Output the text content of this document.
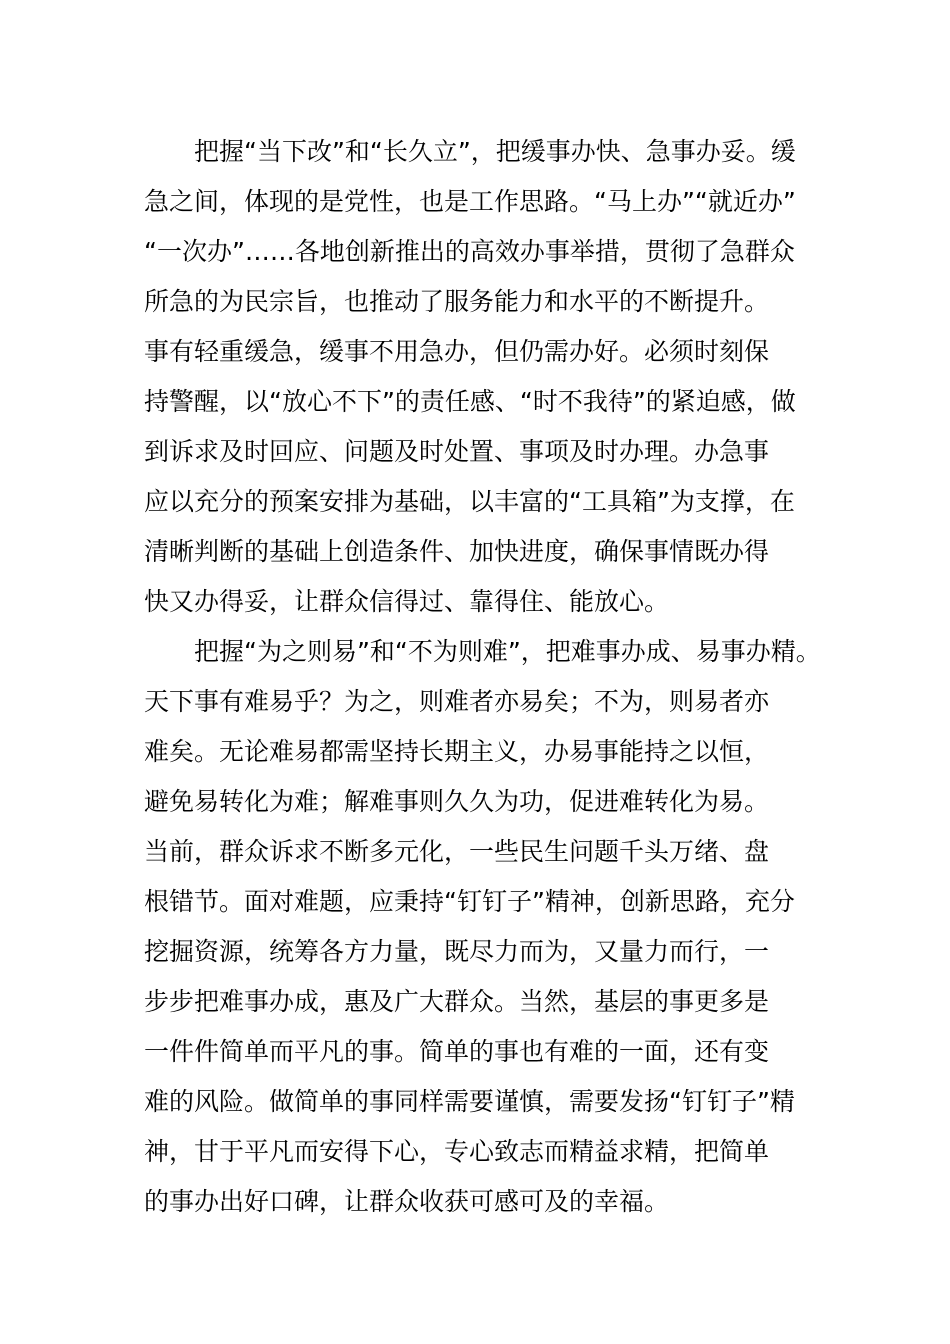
　　把握“当下改”和“长久立”，把缓事办快、急事办妥。缓
急之间，体现的是党性，也是工作思路。“马上办”“就近办”
“一次办”……各地创新推出的高效办事举措，贯彻了急群众
所急的为民宗旨，也推动了服务能力和水平的不断提升。
事有轻重缓急，缓事不用急办，但仍需办好。必须时刻保
持警醒，以“放心不下”的责任感、“时不我待”的紧迫感，做
到诉求及时回应、问题及时处置、事项及时办理。办急事
应以充分的预案安排为基础，以丰富的“工具箱”为支撑，在
清晰判断的基础上创造条件、加快进度，确保事情既办得
快又办得妥，让群众信得过、靠得住、能放心。
　　把握“为之则易”和“不为则难”，把难事办成、易事办精。
天下事有难易乎？为之，则难者亦易矣；不为，则易者亦
难矣。无论难易都需坚持长期主义，办易事能持之以恒，
避免易转化为难；解难事则久久为功，促进难转化为易。
当前，群众诉求不断多元化，一些民生问题千头万绪、盘
根错节。面对难题，应秉持“钉钉子”精神，创新思路，充分
挖掘资源，统筹各方力量，既尽力而为，又量力而行，一
步步把难事办成，惠及广大群众。当然，基层的事更多是
一件件简单而平凡的事。简单的事也有难的一面，还有变
难的风险。做简单的事同样需要谨慎，需要发扬“钉钉子”精
神，甘于平凡而安得下心，专心致志而精益求精，把简单
的事办出好口碑，让群众收获可感可及的幸福。
